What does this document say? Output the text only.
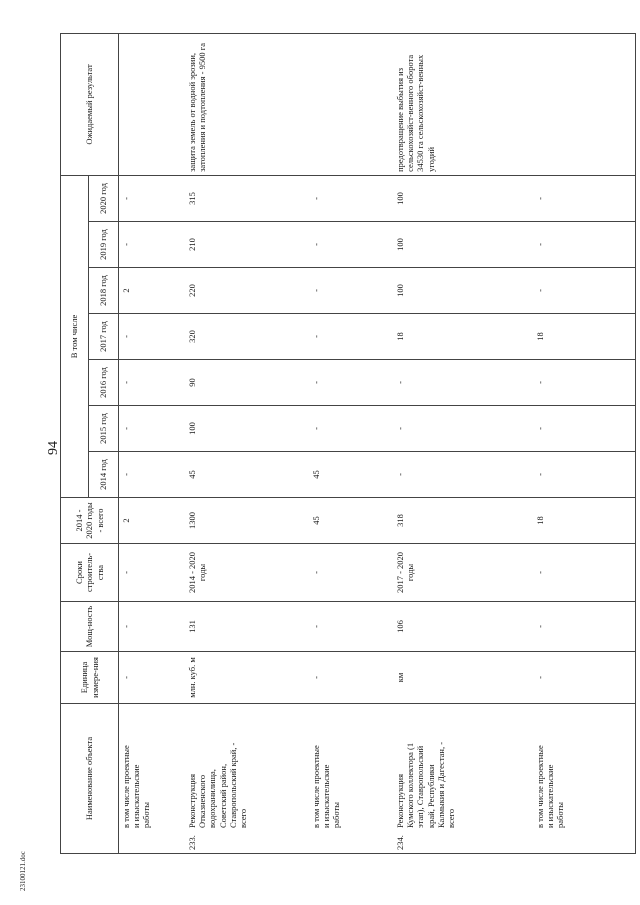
94
23100121.doc
Наименование объекта	Единица измере-ния	Мощ-ность	Сроки строитель-ства	2014 - 2020 годы - всего	В том числе							Ожидаемый результат
					2014 год	2015 год	2016 год	2017 год	2018 год	2019 год	2020 год	
в том числе проектные и изыскательские работы	-	-	-	2	-	-	-	-	2	-	-	
233.Реконструкция Отказненского водохранилища, Советский район, Ставропольский край, - всего	млн. куб. м	131	2014 - 2020 годы	1300	45	100	90	320	220	210	315	защита земель от водной эрозии, затопления и подтопления - 9500 га
в том числе проектные и изыскательские работы	-	-	-	45	45	-	-	-	-	-	-	
234.Реконструкция Кумского коллектора (1 этап), Ставропольский край, Республики Калмыкия и Дагестан, - всего	км	106	2017 - 2020 годы	318	-	-	-	18	100	100	100	предотвращение выбытия из сельскохозяйст-венного оборота 34530 га сельскохозяйст-венных угодий
в том числе проектные и изыскательские работы	-	-	-	18	-	-	-	18	-	-	-	
